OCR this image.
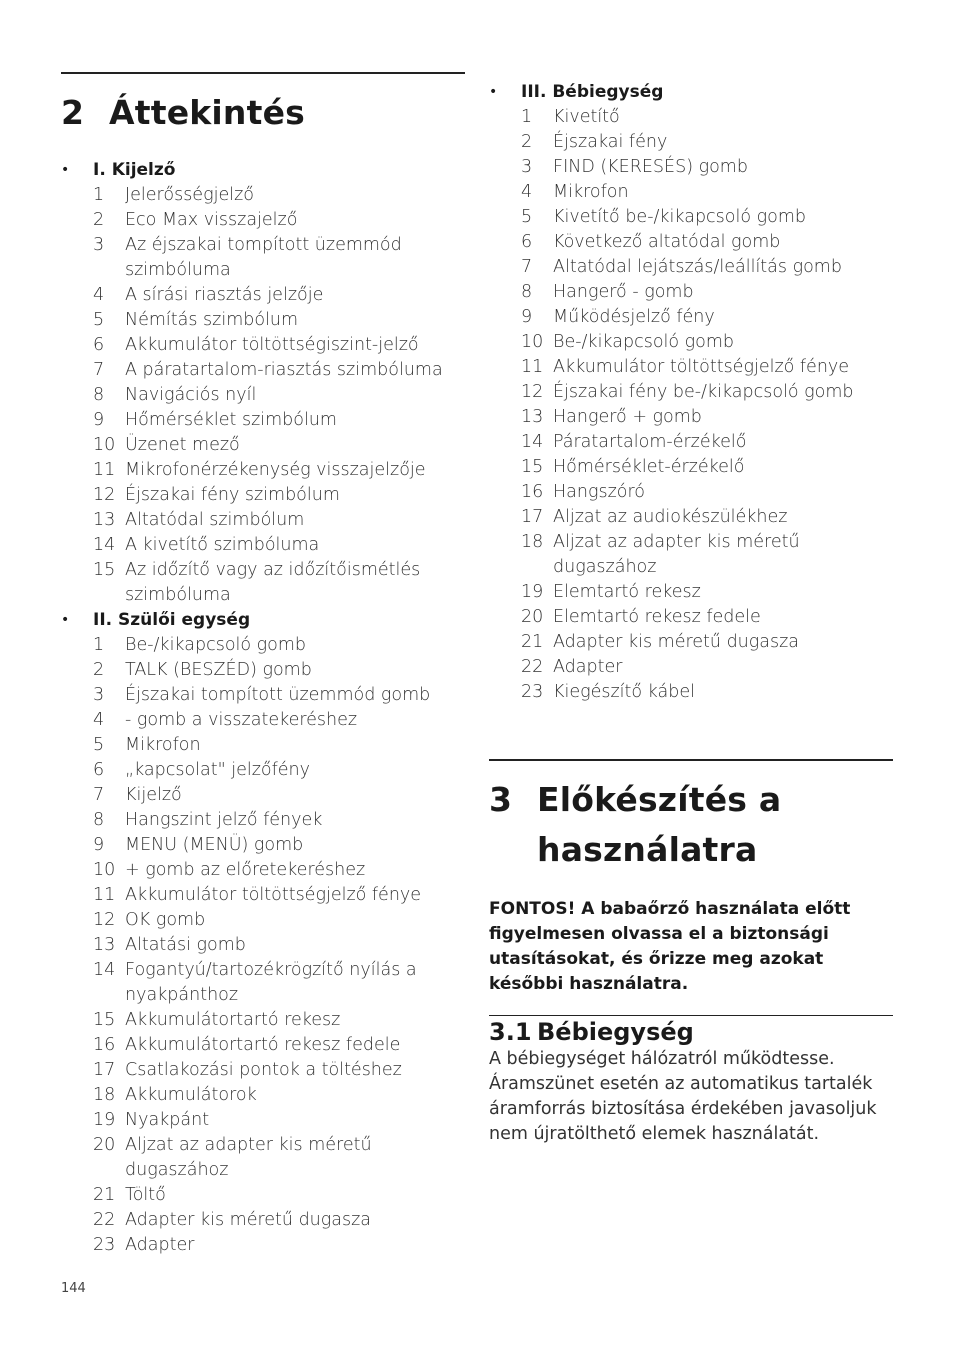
2 Áttekintés
• I. Kijelző
1	Jelerősségjelző
2	Eco Max visszajelző
3	Az éjszakai tompított üzemmód szimbóluma
4	A sírási riasztás jelzője
5	Némítás szimbólum
6	Akkumulátor töltöttségiszint-jelző
7	A páratartalom-riasztás szimbóluma
8	Navigációs nyíl
9	Hőmérséklet szimbólum
10 Üzenet mező
11 Mikrofonérzékenység visszajelzője
12 Éjszakai fény szimbólum
13 Altatódal szimbólum
14 A kivetítő szimbóluma
15 Az időzítő vagy az időzítőismétlés szimbóluma
• II. Szülői egység
1	Be-/kikapcsoló gomb
2	TALK (BESZÉD) gomb
3	Éjszakai tompított üzemmód gomb
4	- gomb a visszatekeréshez
5	Mikrofon
6	„kapcsolat" jelzőfény
7	Kijelző
8	Hangszint jelző fények
9	MENU (MENÜ) gomb
10 + gomb az előretekeréshez
11 Akkumulátor töltöttségjelző fénye
12 OK gomb
13 Altatási gomb
14 Fogantyú/tartozékrögzítő nyílás a nyakpánthoz
15 Akkumulátortartó rekesz
16 Akkumulátortartó rekesz fedele
17 Csatlakozási pontok a töltéshez
18 Akkumulátorok
19 Nyakpánt
20 Aljzat az adapter kis méretű dugaszához
21 Töltő
22 Adapter kis méretű dugasza
23 Adapter
• III. Bébiegység
1	Kivetítő
2	Éjszakai fény
3	FIND (KERESÉS) gomb
4	Mikrofon
5	Kivetítő be-/kikapcsoló gomb
6	Következő altatódal gomb
7	Altatódal lejátszás/leállítás gomb
8	Hangerő - gomb
9	Működésjelző fény
10 Be-/kikapcsoló gomb
11 Akkumulátor töltöttségjelző fénye
12 Éjszakai fény be-/kikapcsoló gomb
13 Hangerő + gomb
14 Páratartalom-érzékelő
15 Hőmérséklet-érzékelő
16 Hangszóró
17 Aljzat az audiokészülékhez
18 Aljzat az adapter kis méretű dugaszához
19 Elemtartó rekesz
20 Elemtartó rekesz fedele
21 Adapter kis méretű dugasza
22 Adapter
23 Kiegészítő kábel
3 Előkészítés a
használatra
FONTOS! A babaőrző használata előtt figyelmesen olvassa el a biztonsági utasításokat, és őrizze meg azokat későbbi használatra.
3.1 Bébiegység
A bébiegységet hálózatról működtesse. Áramszünet esetén az automatikus tartalék áramforrás biztosítása érdekében javasoljuk nem újratölthető elemek használatát.
144
